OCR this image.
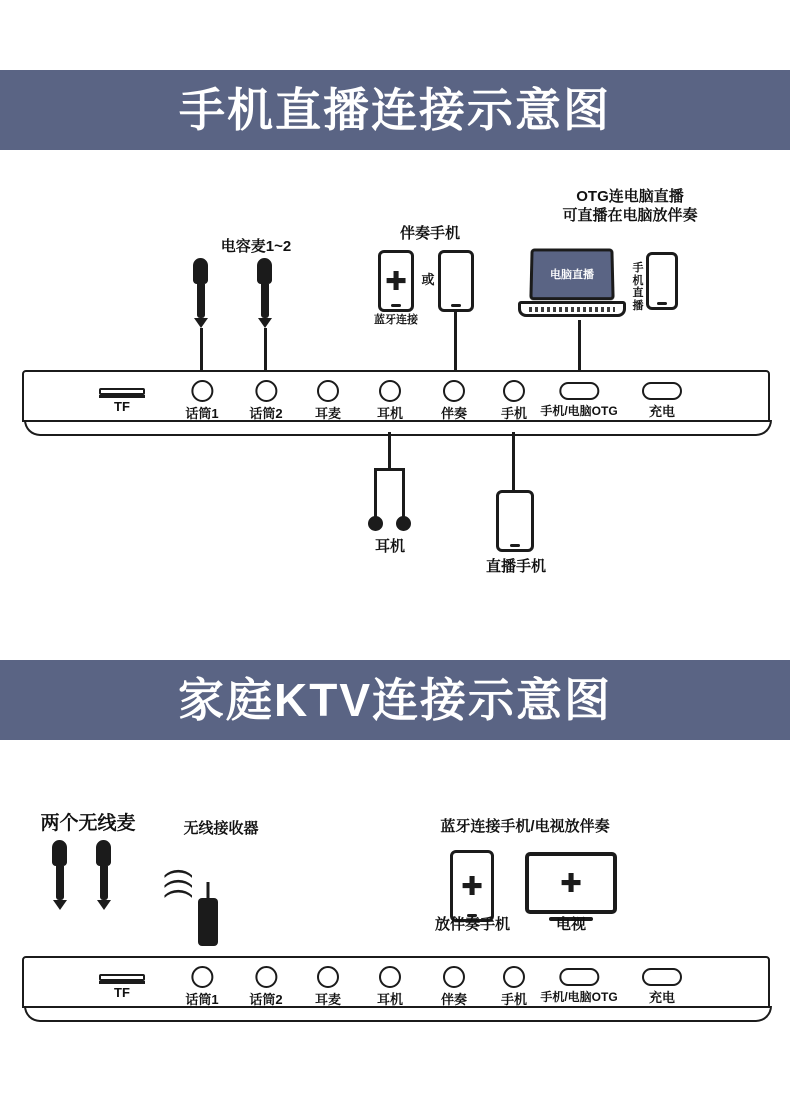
手机直播连接示意图
电容麦1~2
伴奏手机
✚
蓝牙连接
或
OTG连电脑直播
可直播在电脑放伴奏
电脑直播
手
机
直
播
TF	话筒1 话筒2 耳麦	耳机	伴奏	手机 手机/电脑OTG	充电
耳机
直播手机
家庭KTV连接示意图
两个无线麦	无线接收器
)))
蓝牙连接手机/电视放伴奏
✚
放伴奏手机
✚
电视
TF	话筒1 话筒2 耳麦	耳机	伴奏	手机 手机/电脑OTG	充电
